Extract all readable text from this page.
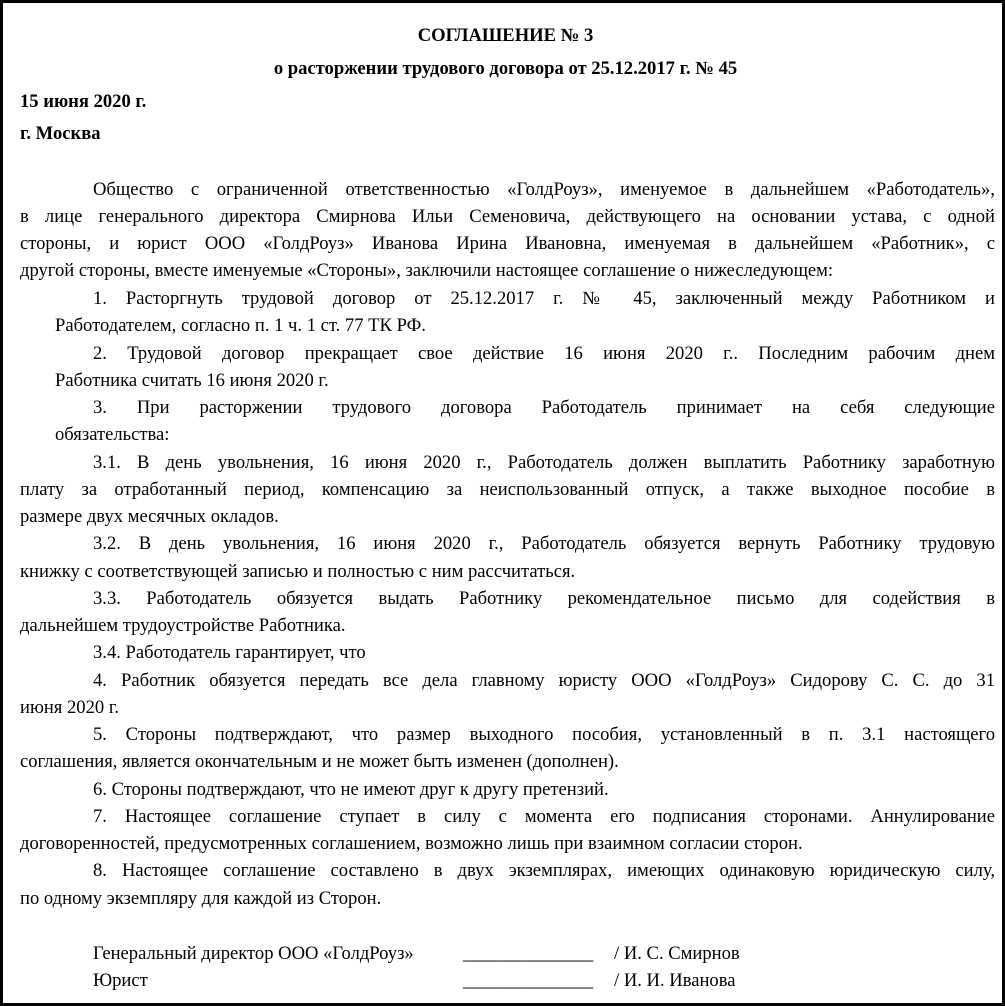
СОГЛАШЕНИЕ № 3
о расторжении трудового договора от 25.12.2017 г. № 45
15 июня 2020 г.
г. Москва
Общество с ограниченной ответственностью «ГолдРоуз», именуемое в дальнейшем «Работодатель»,
в лице генерального директора Смирнова Ильи Семеновича, действующего на основании устава, с одной
стороны, и юрист ООО «ГолдРоуз» Иванова Ирина Ивановна, именуемая в дальнейшем «Работник», с
другой стороны, вместе именуемые «Стороны», заключили настоящее соглашение о нижеследующем:
1. Расторгнуть трудовой договор от 25.12.2017 г. № 45, заключенный между Работником и
Работодателем, согласно п. 1 ч. 1 ст. 77 ТК РФ.
2. Трудовой договор прекращает свое действие 16 июня 2020 г.. Последним рабочим днем
Работника считать 16 июня 2020 г.
3. При расторжении трудового договора Работодатель принимает на себя следующие
обязательства:
3.1. В день увольнения, 16 июня 2020 г., Работодатель должен выплатить Работнику заработную
плату за отработанный период, компенсацию за неиспользованный отпуск, а также выходное пособие в
размере двух месячных окладов.
3.2. В день увольнения, 16 июня 2020 г., Работодатель обязуется вернуть Работнику трудовую
книжку с соответствующей записью и полностью с ним рассчитаться.
3.3. Работодатель обязуется выдать Работнику рекомендательное письмо для содействия в
дальнейшем трудоустройстве Работника.
3.4. Работодатель гарантирует, что
4. Работник обязуется передать все дела главному юристу ООО «ГолдРоуз» Сидорову С. С. до 31
июня 2020 г.
5. Стороны подтверждают, что размер выходного пособия, установленный в п. 3.1 настоящего
соглашения, является окончательным и не может быть изменен (дополнен).
6. Стороны подтверждают, что не имеют друг к другу претензий.
7. Настоящее соглашение ступает в силу с момента его подписания сторонами. Аннулирование
договоренностей, предусмотренных соглашением, возможно лишь при взаимном согласии сторон.
8. Настоящее соглашение составлено в двух экземплярах, имеющих одинаковую юридическую силу,
по одному экземпляру для каждой из Сторон.
Генеральный директор ООО «ГолдРоуз»	______________ / И. С. Смирнов
Юрист	______________ / И. И. Иванова
